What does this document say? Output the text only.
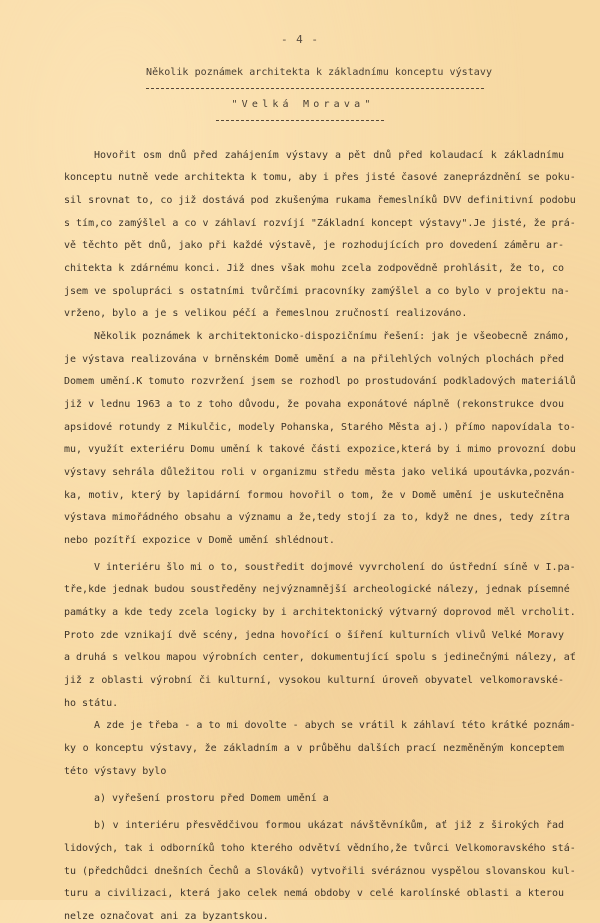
- 4 -
Několik poznámek architekta k základnímu konceptu výstavy
"Velká Morava"
Hovořit osm dnů před zahájením výstavy a pět dnů před kolaudací k základnímu
konceptu nutně vede architekta k tomu, aby i přes jisté časové zaneprázdnění se poku-
sil srovnat to, co již dostává pod zkušenýma rukama řemeslníků DVV definitivní podobu
s tím,co zamýšlel a co v záhlaví rozvíjí "Základní koncept výstavy".Je jisté, že prá-
vě těchto pět dnů, jako při každé výstavě, je rozhodujících pro dovedení záměru ar-
chitekta k zdárnému konci. Již dnes však mohu zcela zodpovědně prohlásit, že to, co
jsem ve spolupráci s ostatními tvůrčími pracovníky zamýšlel a co bylo v projektu na-
vrženo, bylo a je s velikou péčí a řemeslnou zručností realizováno.
Několik poznámek k architektonicko-dispozičnímu řešení: jak je všeobecně známo,
je výstava realizována v brněnském Domě umění a na přilehlých volných plochách před
Domem umění.K tomuto rozvržení jsem se rozhodl po prostudování podkladových materiálů
již v lednu 1963 a to z toho důvodu, že povaha exponátové náplně (rekonstrukce dvou
apsidové rotundy z Mikulčic, modely Pohanska, Starého Města aj.) přímo napovídala to-
mu, využít exteriéru Domu umění k takové části expozice,která by i mimo provozní dobu
výstavy sehrála důležitou roli v organizmu středu města jako veliká upoutávka,pozván-
ka, motiv, který by lapidární formou hovořil o tom, že v Domě umění je uskutečněna
výstava mimořádného obsahu a významu a že,tedy stojí za to, když ne dnes, tedy zítra
nebo pozítří expozice v Domě umění shlédnout.
V interiéru šlo mi o to, soustředit dojmové vyvrcholení do ústřední síně v I.pa-
tře,kde jednak budou soustředěny nejvýznamnější archeologické nálezy, jednak písemné
památky a kde tedy zcela logicky by i architektonický výtvarný doprovod měl vrcholit.
Proto zde vznikají dvě scény, jedna hovořící o šíření kulturních vlivů Velké Moravy
a druhá s velkou mapou výrobních center, dokumentující spolu s jedinečnými nálezy, ať
již z oblasti výrobní či kulturní, vysokou kulturní úroveň obyvatel velkomoravské-
ho státu.
A zde je třeba - a to mi dovolte - abych se vrátil k záhlaví této krátké poznám-
ky o konceptu výstavy, že základním a v průběhu dalších prací nezměněným konceptem
této výstavy bylo
a) vyřešení prostoru před Domem umění a
b) v interiéru přesvědčivou formou ukázat návštěvníkům, ať již z širokých řad
lidových, tak i odborníků toho kterého odvětví vědního,že tvůrci Velkomoravského stá-
tu (předchůdci dnešních Čechů a Slováků) vytvořili svéráznou vyspělou slovanskou kul-
turu a civilizaci, která jako celek nemá obdoby v celé karolínské oblasti a kterou
nelze označovat ani za byzantskou.
